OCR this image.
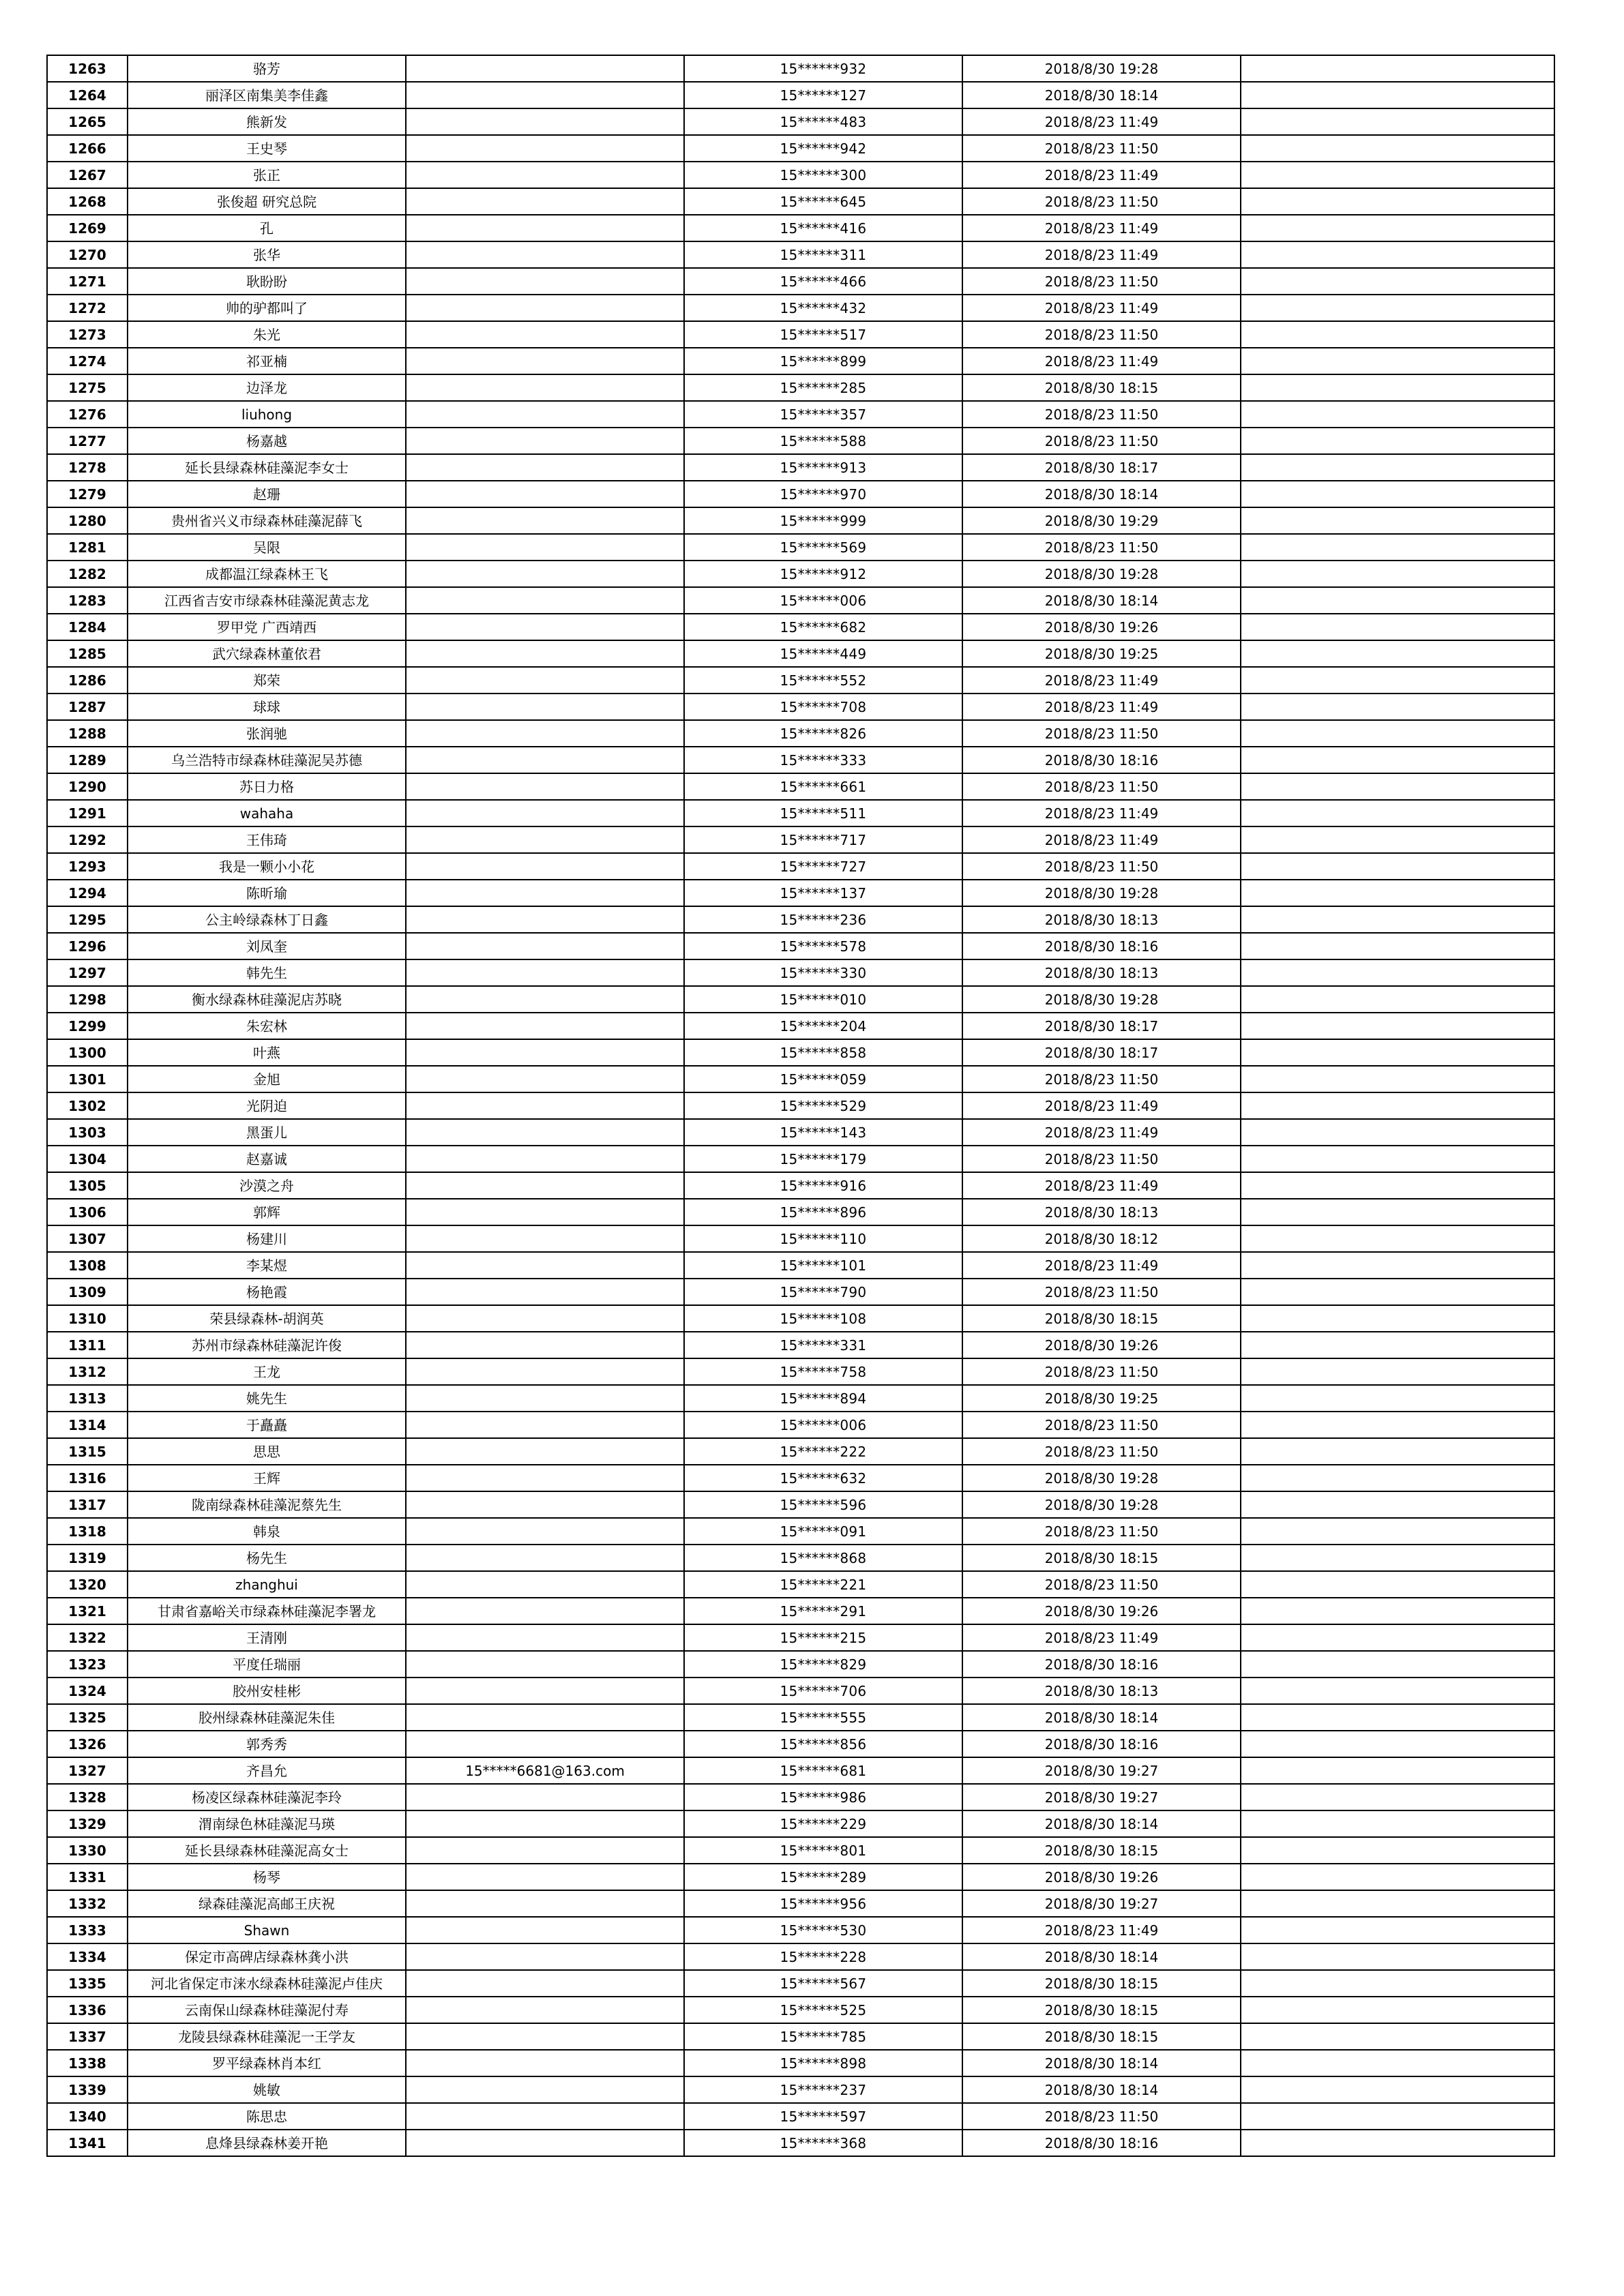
1263	骆芳		15******932	2018/8/30 19:28	
1264	丽泽区南集美李佳鑫		15******127	2018/8/30 18:14	
1265	熊新发		15******483	2018/8/23 11:49	
1266	王史琴		15******942	2018/8/23 11:50	
1267	张正		15******300	2018/8/23 11:49	
1268	张俊超 研究总院		15******645	2018/8/23 11:50	
1269	孔		15******416	2018/8/23 11:49	
1270	张华		15******311	2018/8/23 11:49	
1271	耿盼盼		15******466	2018/8/23 11:50	
1272	帅的驴都叫了		15******432	2018/8/23 11:49	
1273	朱光		15******517	2018/8/23 11:50	
1274	祁亚楠		15******899	2018/8/23 11:49	
1275	边泽龙		15******285	2018/8/30 18:15	
1276	liuhong		15******357	2018/8/23 11:50	
1277	杨嘉越		15******588	2018/8/23 11:50	
1278	延长县绿森林硅藻泥李女士		15******913	2018/8/30 18:17	
1279	赵珊		15******970	2018/8/30 18:14	
1280	贵州省兴义市绿森林硅藻泥薛飞		15******999	2018/8/30 19:29	
1281	吴限		15******569	2018/8/23 11:50	
1282	成都温江绿森林王飞		15******912	2018/8/30 19:28	
1283	江西省吉安市绿森林硅藻泥黄志龙		15******006	2018/8/30 18:14	
1284	罗甲党 广西靖西		15******682	2018/8/30 19:26	
1285	武穴绿森林董依君		15******449	2018/8/30 19:25	
1286	郑荣		15******552	2018/8/23 11:49	
1287	球球		15******708	2018/8/23 11:49	
1288	张润驰		15******826	2018/8/23 11:50	
1289	乌兰浩特市绿森林硅藻泥吴苏德		15******333	2018/8/30 18:16	
1290	苏日力格		15******661	2018/8/23 11:50	
1291	wahaha		15******511	2018/8/23 11:49	
1292	王伟琦		15******717	2018/8/23 11:49	
1293	我是一颗小小花		15******727	2018/8/23 11:50	
1294	陈昕瑜		15******137	2018/8/30 19:28	
1295	公主岭绿森林丁日鑫		15******236	2018/8/30 18:13	
1296	刘凤奎		15******578	2018/8/30 18:16	
1297	韩先生		15******330	2018/8/30 18:13	
1298	衡水绿森林硅藻泥店苏晓		15******010	2018/8/30 19:28	
1299	朱宏林		15******204	2018/8/30 18:17	
1300	叶燕		15******858	2018/8/30 18:17	
1301	金旭		15******059	2018/8/23 11:50	
1302	光阴迫		15******529	2018/8/23 11:49	
1303	黑蛋儿		15******143	2018/8/23 11:49	
1304	赵嘉诚		15******179	2018/8/23 11:50	
1305	沙漠之舟		15******916	2018/8/23 11:49	
1306	郭辉		15******896	2018/8/30 18:13	
1307	杨建川		15******110	2018/8/30 18:12	
1308	李某煜		15******101	2018/8/23 11:49	
1309	杨艳霞		15******790	2018/8/23 11:50	
1310	荣县绿森林-胡润英		15******108	2018/8/30 18:15	
1311	苏州市绿森林硅藻泥许俊		15******331	2018/8/30 19:26	
1312	王龙		15******758	2018/8/23 11:50	
1313	姚先生		15******894	2018/8/30 19:25	
1314	于矗矗		15******006	2018/8/23 11:50	
1315	思思		15******222	2018/8/23 11:50	
1316	王辉		15******632	2018/8/30 19:28	
1317	陇南绿森林硅藻泥蔡先生		15******596	2018/8/30 19:28	
1318	韩泉		15******091	2018/8/23 11:50	
1319	杨先生		15******868	2018/8/30 18:15	
1320	zhanghui		15******221	2018/8/23 11:50	
1321	甘肃省嘉峪关市绿森林硅藻泥李署龙		15******291	2018/8/30 19:26	
1322	王清刚		15******215	2018/8/23 11:49	
1323	平度任瑞丽		15******829	2018/8/30 18:16	
1324	胶州安桂彬		15******706	2018/8/30 18:13	
1325	胶州绿森林硅藻泥朱佳		15******555	2018/8/30 18:14	
1326	郭秀秀		15******856	2018/8/30 18:16	
1327	齐昌允	15*****6681@163.com	15******681	2018/8/30 19:27	
1328	杨凌区绿森林硅藻泥李玲		15******986	2018/8/30 19:27	
1329	渭南绿色林硅藻泥马瑛		15******229	2018/8/30 18:14	
1330	延长县绿森林硅藻泥高女士		15******801	2018/8/30 18:15	
1331	杨琴		15******289	2018/8/30 19:26	
1332	绿森硅藻泥高邮王庆祝		15******956	2018/8/30 19:27	
1333	Shawn		15******530	2018/8/23 11:49	
1334	保定市高碑店绿森林龚小洪		15******228	2018/8/30 18:14	
1335	河北省保定市涞水绿森林硅藻泥卢佳庆		15******567	2018/8/30 18:15	
1336	云南保山绿森林硅藻泥付寿		15******525	2018/8/30 18:15	
1337	龙陵县绿森林硅藻泥一王学友		15******785	2018/8/30 18:15	
1338	罗平绿森林肖本红		15******898	2018/8/30 18:14	
1339	姚敏		15******237	2018/8/30 18:14	
1340	陈思忠		15******597	2018/8/23 11:50	
1341	息烽县绿森林姜开艳		15******368	2018/8/30 18:16	
